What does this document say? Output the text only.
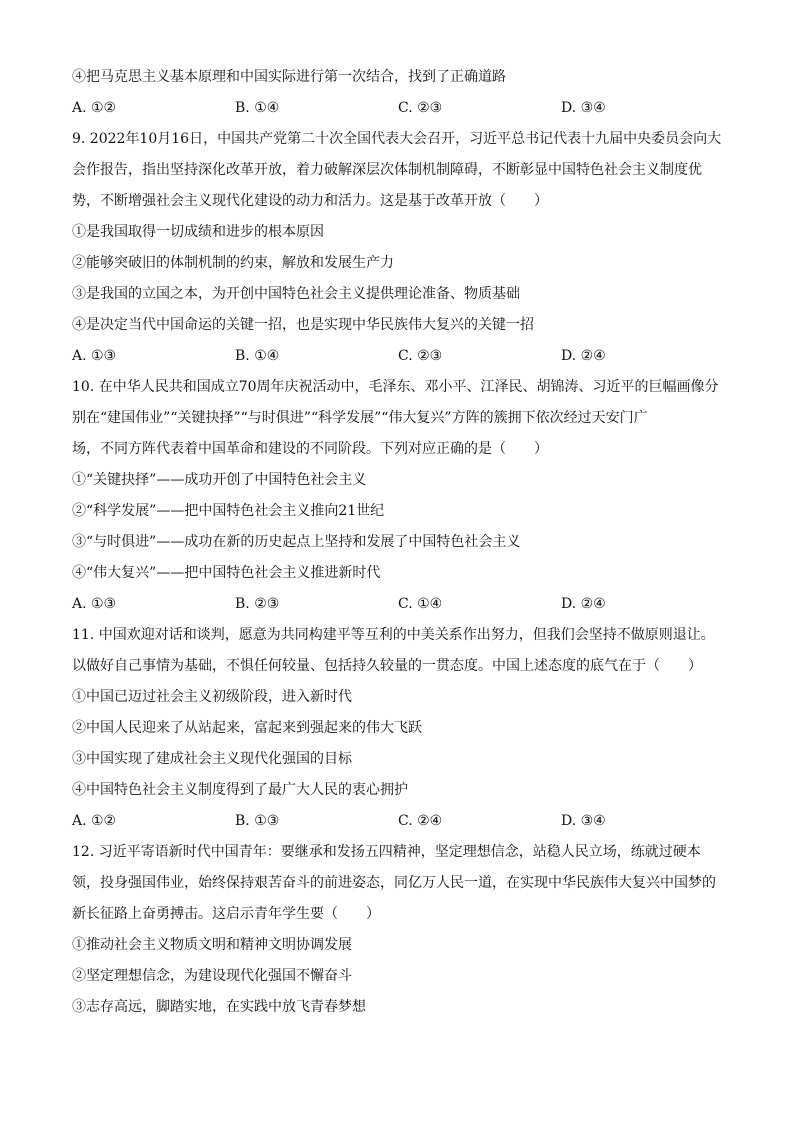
④把马克思主义基本原理和中国实际进行第一次结合，找到了正确道路
A. ①②	B. ①④	C. ②③	D. ③④
9. 2022年10月16日，中国共产党第二十次全国代表大会召开，习近平总书记代表十九届中央委员会向大
会作报告，指出坚持深化改革开放，着力破解深层次体制机制障碍，不断彰显中国特色社会主义制度优
势，不断增强社会主义现代化建设的动力和活力。这是基于改革开放（　　）
①是我国取得一切成绩和进步的根本原因
②能够突破旧的体制机制的约束，解放和发展生产力
③是我国的立国之本，为开创中国特色社会主义提供理论准备、物质基础
④是决定当代中国命运的关键一招，也是实现中华民族伟大复兴的关键一招
A. ①③	B. ①④	C. ②③	D. ②④
10. 在中华人民共和国成立70周年庆祝活动中，毛泽东、邓小平、江泽民、胡锦涛、习近平的巨幅画像分
别在“建国伟业”“关键抉择”“与时俱进”“科学发展”“伟大复兴”方阵的簇拥下依次经过天安门广
场，不同方阵代表着中国革命和建设的不同阶段。下列对应正确的是（　　）
①“关键抉择”——成功开创了中国特色社会主义
②“科学发展”——把中国特色社会主义推向21世纪
③“与时俱进”——成功在新的历史起点上坚持和发展了中国特色社会主义
④“伟大复兴”——把中国特色社会主义推进新时代
A. ①③	B. ②③	C. ①④	D. ②④
11. 中国欢迎对话和谈判，愿意为共同构建平等互利的中美关系作出努力，但我们会坚持不做原则退让。
以做好自己事情为基础，不惧任何较量、包括持久较量的一贯态度。中国上述态度的底气在于（　　）
①中国已迈过社会主义初级阶段，进入新时代
②中国人民迎来了从站起来，富起来到强起来的伟大飞跃
③中国实现了建成社会主义现代化强国的目标
④中国特色社会主义制度得到了最广大人民的衷心拥护
A. ①②	B. ①③	C. ②④	D. ③④
12. 习近平寄语新时代中国青年：要继承和发扬五四精神，坚定理想信念，站稳人民立场，练就过硬本
领，投身强国伟业，始终保持艰苦奋斗的前进姿态，同亿万人民一道，在实现中华民族伟大复兴中国梦的
新长征路上奋勇搏击。这启示青年学生要（　　）
①推动社会主义物质文明和精神文明协调发展
②坚定理想信念，为建设现代化强国不懈奋斗
③志存高远，脚踏实地，在实践中放飞青春梦想
